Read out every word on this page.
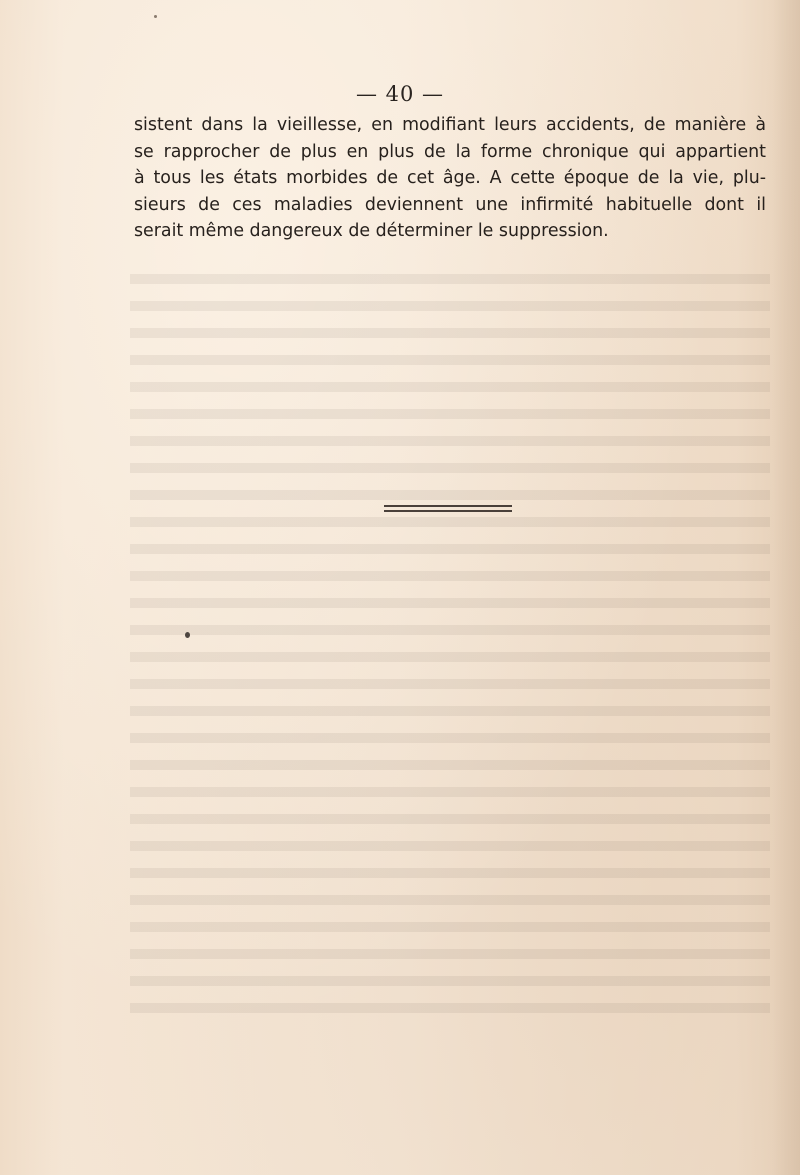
— 40 —
sistent dans la vieillesse, en modifiant leurs accidents, de manière à
se rapprocher de plus en plus de la forme chronique qui appartient
à tous les états morbides de cet âge. A cette époque de la vie, plu-
sieurs de ces maladies deviennent une infirmité habituelle dont il
serait même dangereux de déterminer le suppression.
